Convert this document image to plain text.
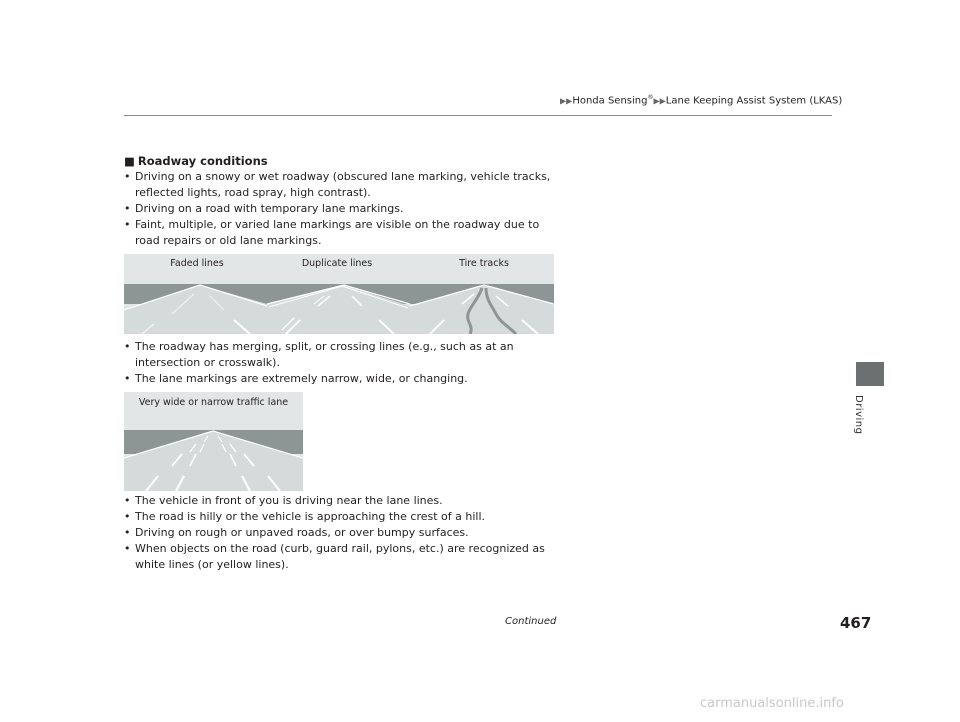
▶▶Honda Sensing®▶▶Lane Keeping Assist System (LKAS)
Driving
■ Roadway conditions
• Driving on a snowy or wet roadway (obscured lane marking, vehicle tracks, reflected lights, road spray, high contrast).
• Driving on a road with temporary lane markings.
• Faint, multiple, or varied lane markings are visible on the roadway due to road repairs or old lane markings.
Faded lines	Duplicate lines	Tire tracks
• The roadway has merging, split, or crossing lines (e.g., such as at an intersection or crosswalk).
• The lane markings are extremely narrow, wide, or changing.
Very wide or narrow traffic lane
• The vehicle in front of you is driving near the lane lines.
• The road is hilly or the vehicle is approaching the crest of a hill.
• Driving on rough or unpaved roads, or over bumpy surfaces.
• When objects on the road (curb, guard rail, pylons, etc.) are recognized as white lines (or yellow lines).
Continued	467
carmanualsonline.info
